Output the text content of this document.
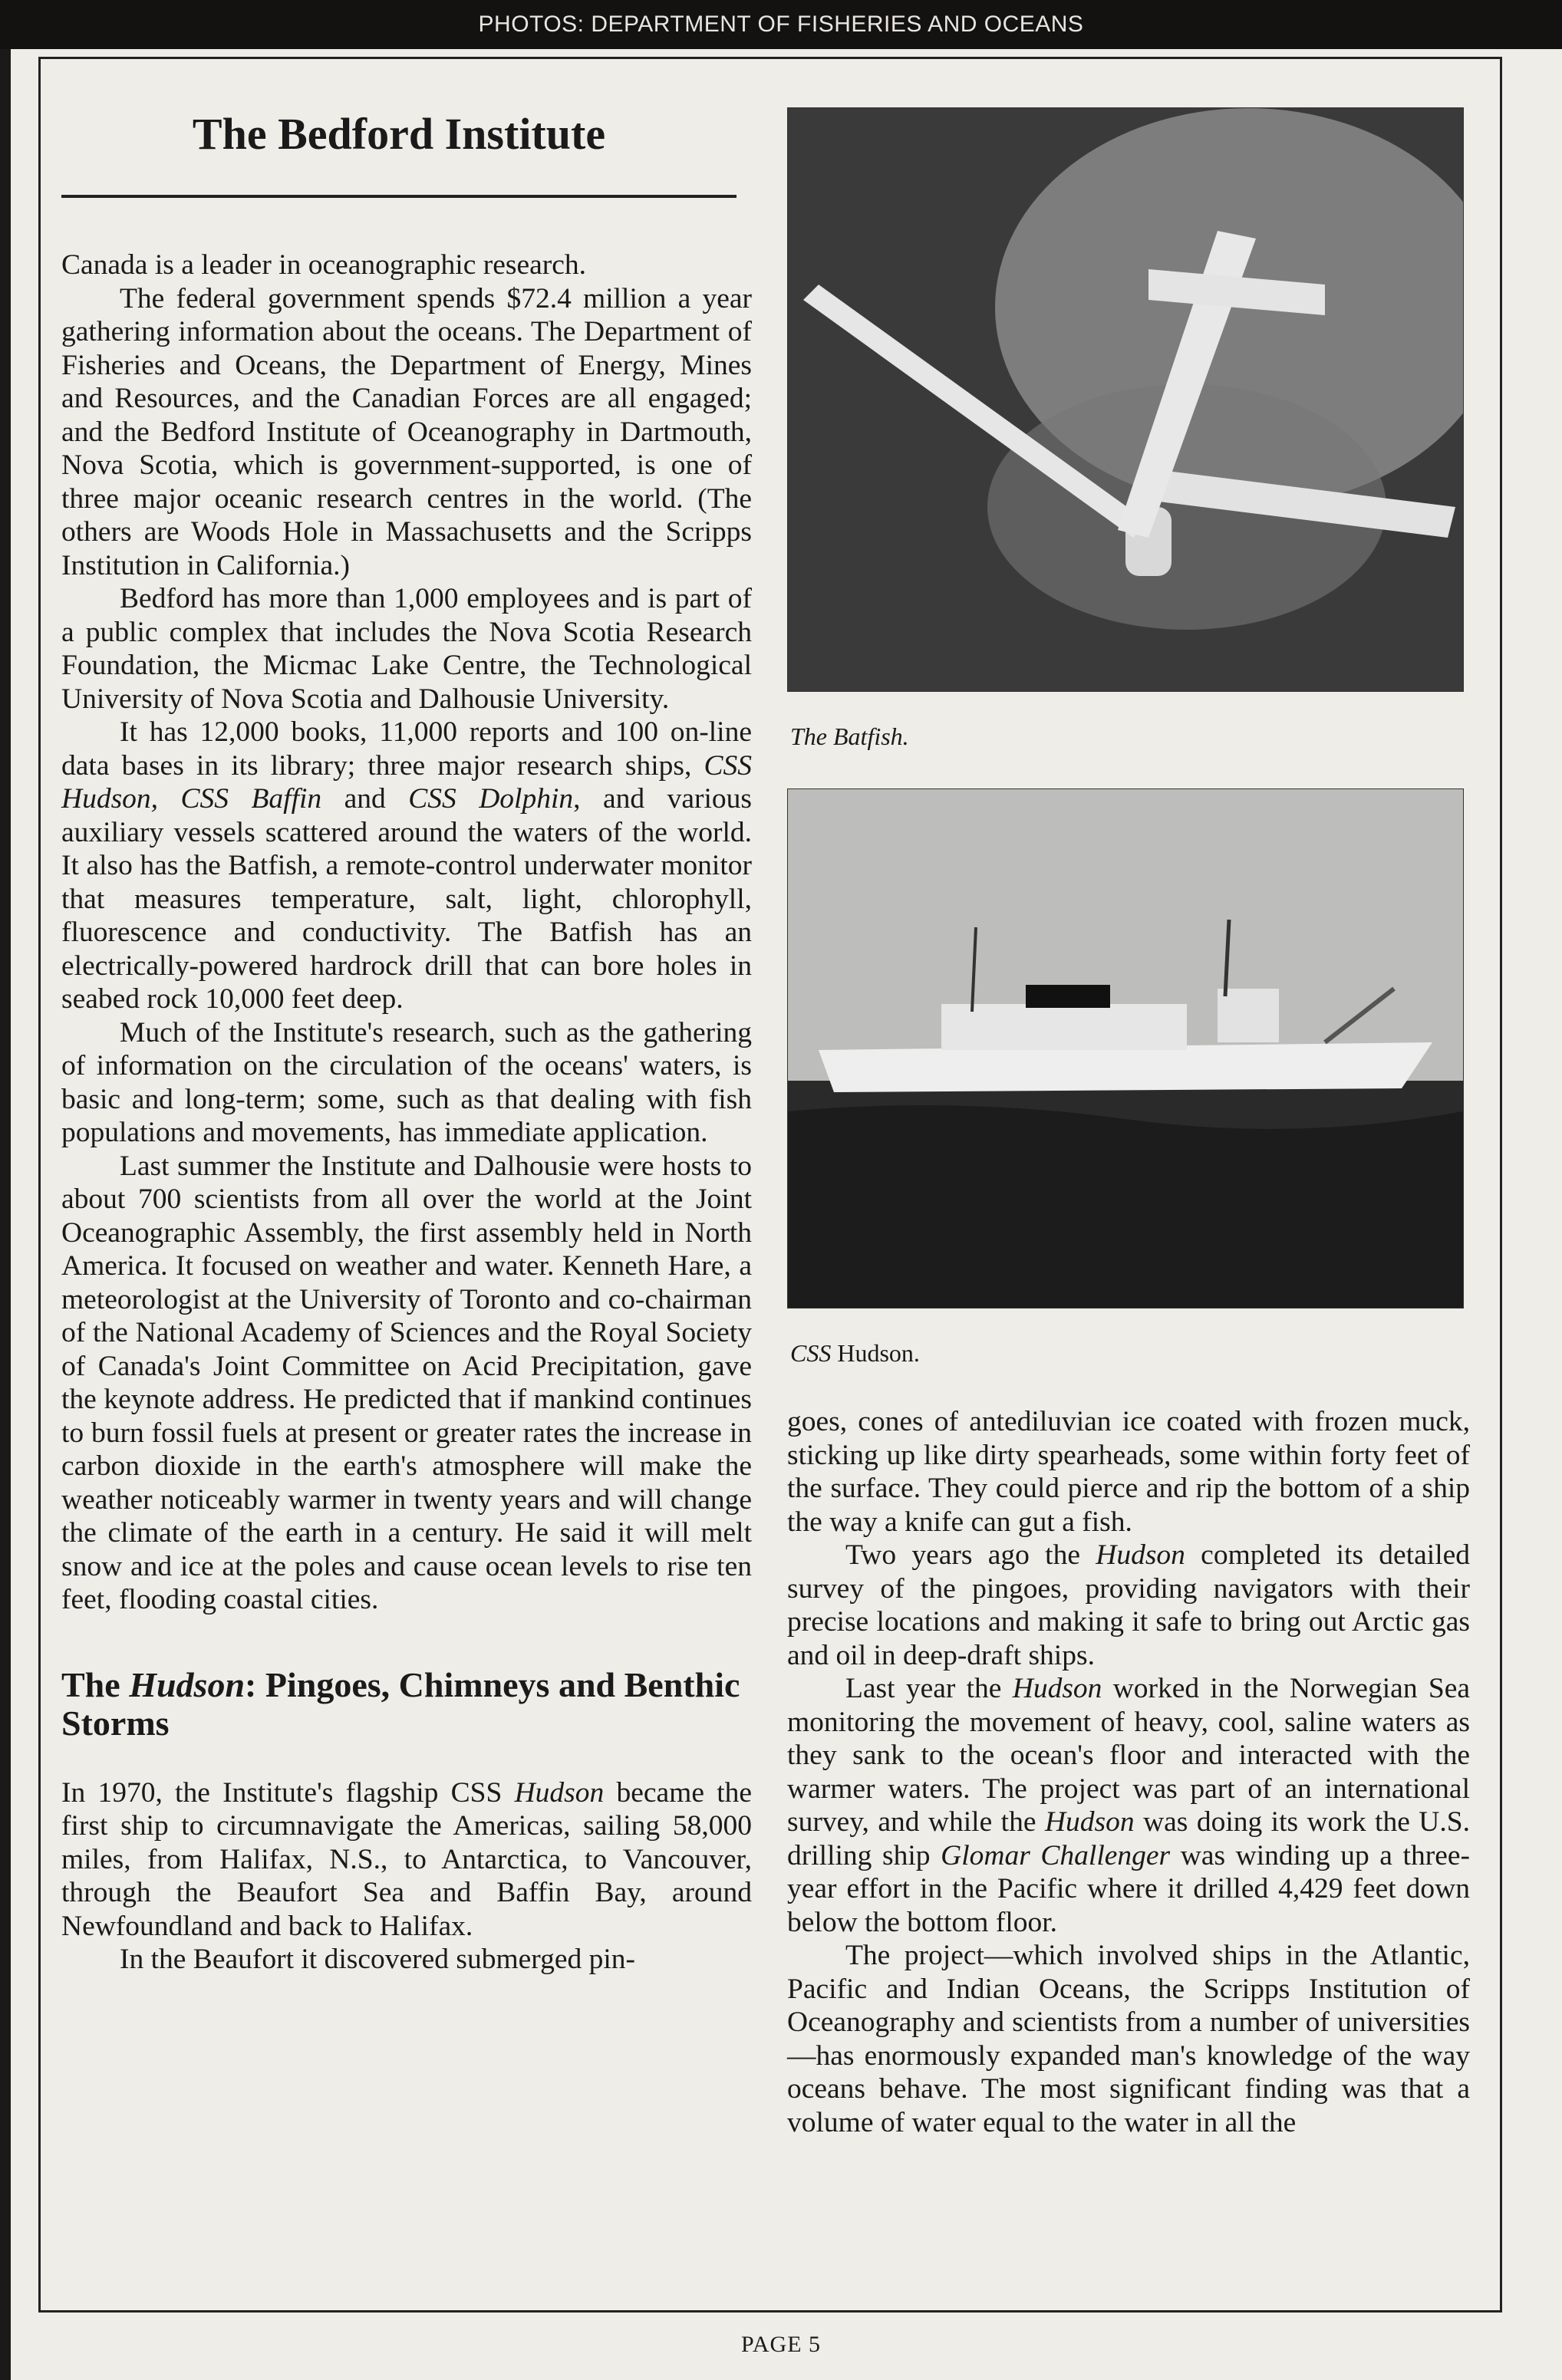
PHOTOS: DEPARTMENT OF FISHERIES AND OCEANS
The Bedford Institute

Canada is a leader in oceanographic research.

The federal government spends $72.4 million a year gathering information about the oceans. The Department of Fisheries and Oceans, the Department of Energy, Mines and Resources, and the Canadian Forces are all engaged; and the Bedford Institute of Oceanography in Dartmouth, Nova Scotia, which is government-supported, is one of three major oceanic research centres in the world. (The others are Woods Hole in Massachusetts and the Scripps Institution in California.)

Bedford has more than 1,000 employees and is part of a public complex that includes the Nova Scotia Research Foundation, the Micmac Lake Centre, the Technological University of Nova Scotia and Dalhousie University.

It has 12,000 books, 11,000 reports and 100 on-line data bases in its library; three major research ships, CSS Hudson, CSS Baffin and CSS Dolphin, and various auxiliary vessels scattered around the waters of the world. It also has the Batfish, a remote-control underwater monitor that measures temperature, salt, light, chlorophyll, fluorescence and conductivity. The Batfish has an electrically-powered hardrock drill that can bore holes in seabed rock 10,000 feet deep.

Much of the Institute's research, such as the gathering of information on the circulation of the oceans' waters, is basic and long-term; some, such as that dealing with fish populations and movements, has immediate application.

Last summer the Institute and Dalhousie were hosts to about 700 scientists from all over the world at the Joint Oceanographic Assembly, the first assembly held in North America. It focused on weather and water. Kenneth Hare, a meteorologist at the University of Toronto and co-chairman of the National Academy of Sciences and the Royal Society of Canada's Joint Committee on Acid Precipitation, gave the keynote address. He predicted that if mankind continues to burn fossil fuels at present or greater rates the increase in carbon dioxide in the earth's atmosphere will make the weather noticeably warmer in twenty years and will change the climate of the earth in a century. He said it will melt snow and ice at the poles and cause ocean levels to rise ten feet, flooding coastal cities.

The Hudson: Pingoes, Chimneys and Benthic Storms

In 1970, the Institute's flagship CSS Hudson became the first ship to circumnavigate the Americas, sailing 58,000 miles, from Halifax, N.S., to Antarctica, to Vancouver, through the Beaufort Sea and Baffin Bay, around Newfoundland and back to Halifax.

In the Beaufort it discovered submerged pin-

The Batfish.
CSS Hudson.

goes, cones of antediluvian ice coated with frozen muck, sticking up like dirty spearheads, some within forty feet of the surface. They could pierce and rip the bottom of a ship the way a knife can gut a fish.

Two years ago the Hudson completed its detailed survey of the pingoes, providing navigators with their precise locations and making it safe to bring out Arctic gas and oil in deep-draft ships.

Last year the Hudson worked in the Norwegian Sea monitoring the movement of heavy, cool, saline waters as they sank to the ocean's floor and interacted with the warmer waters. The project was part of an international survey, and while the Hudson was doing its work the U.S. drilling ship Glomar Challenger was winding up a three-year effort in the Pacific where it drilled 4,429 feet down below the bottom floor.

The project—which involved ships in the Atlantic, Pacific and Indian Oceans, the Scripps Institution of Oceanography and scientists from a number of universities—has enormously expanded man's knowledge of the way oceans behave. The most significant finding was that a volume of water equal to the water in all the

PAGE 5
